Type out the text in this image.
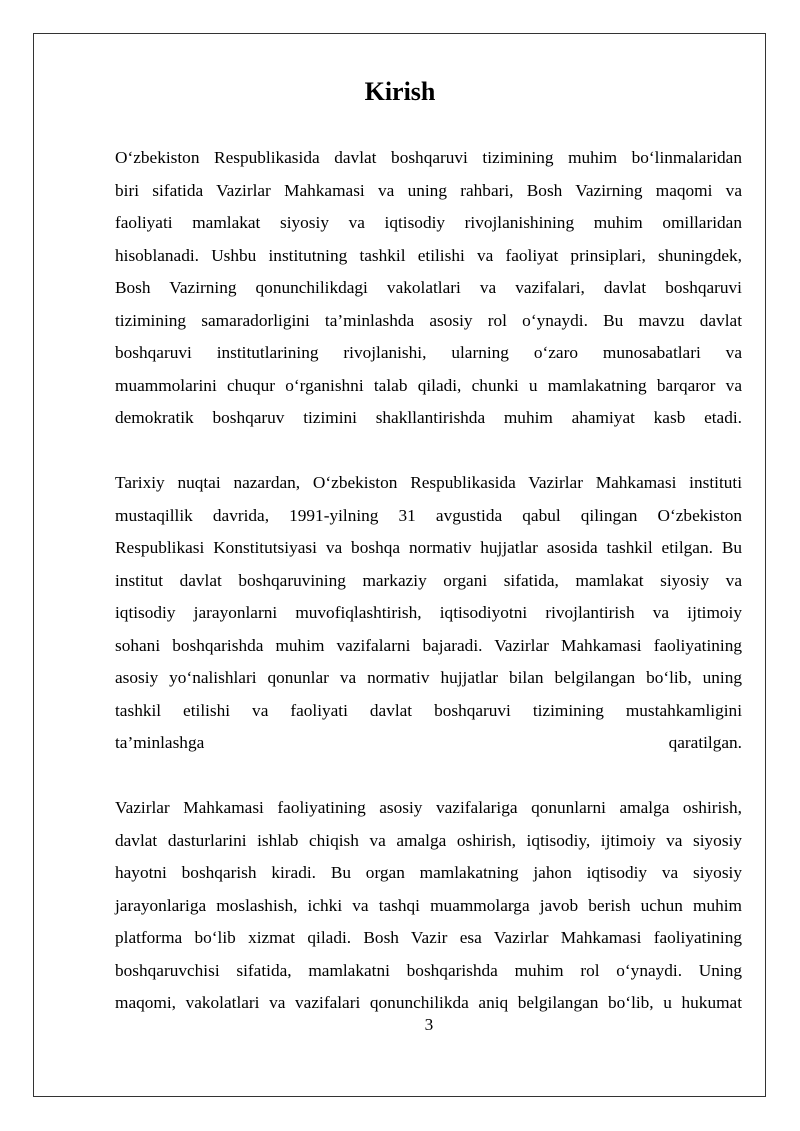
Kirish
O‘zbekiston Respublikasida davlat boshqaruvi tizimining muhim bo‘linmalaridan
biri sifatida Vazirlar Mahkamasi va uning rahbari, Bosh Vazirning maqomi va
faoliyati mamlakat siyosiy va iqtisodiy rivojlanishining muhim omillaridan
hisoblanadi. Ushbu institutning tashkil etilishi va faoliyat prinsiplari, shuningdek,
Bosh Vazirning qonunchilikdagi vakolatlari va vazifalari, davlat boshqaruvi
tizimining samaradorligini ta’minlashda asosiy rol o‘ynaydi. Bu mavzu davlat
boshqaruvi institutlarining rivojlanishi, ularning o‘zaro munosabatlari va
muammolarini chuqur o‘rganishni talab qiladi, chunki u mamlakatning barqaror va
demokratik boshqaruv tizimini shakllantirishda muhim ahamiyat kasb etadi.
Tarixiy nuqtai nazardan, O‘zbekiston Respublikasida Vazirlar Mahkamasi instituti
mustaqillik davrida, 1991-yilning 31 avgustida qabul qilingan O‘zbekiston
Respublikasi Konstitutsiyasi va boshqa normativ hujjatlar asosida tashkil etilgan. Bu
institut davlat boshqaruvining markaziy organi sifatida, mamlakat siyosiy va
iqtisodiy jarayonlarni muvofiqlashtirish, iqtisodiyotni rivojlantirish va ijtimoiy
sohani boshqarishda muhim vazifalarni bajaradi. Vazirlar Mahkamasi faoliyatining
asosiy yo‘nalishlari qonunlar va normativ hujjatlar bilan belgilangan bo‘lib, uning
tashkil etilishi va faoliyati davlat boshqaruvi tizimining mustahkamligini
ta’minlashga qaratilgan.
Vazirlar Mahkamasi faoliyatining asosiy vazifalariga qonunlarni amalga oshirish,
davlat dasturlarini ishlab chiqish va amalga oshirish, iqtisodiy, ijtimoiy va siyosiy
hayotni boshqarish kiradi. Bu organ mamlakatning jahon iqtisodiy va siyosiy
jarayonlariga moslashish, ichki va tashqi muammolarga javob berish uchun muhim
platforma bo‘lib xizmat qiladi. Bosh Vazir esa Vazirlar Mahkamasi faoliyatining
boshqaruvchisi sifatida, mamlakatni boshqarishda muhim rol o‘ynaydi. Uning
maqomi, vakolatlari va vazifalari qonunchilikda aniq belgilangan bo‘lib, u hukumat
3
